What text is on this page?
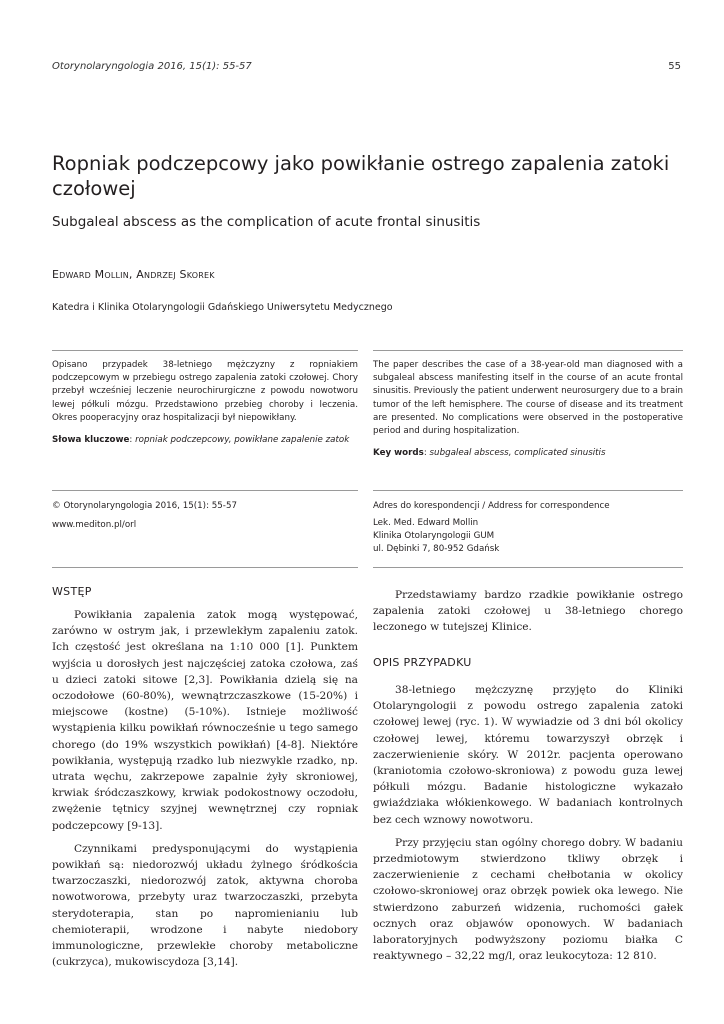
Otorynolaryngologia 2016, 15(1): 55-57	55
Ropniak podczepcowy jako powikłanie ostrego zapalenia zatoki czołowej
Subgaleal abscess as the complication of acute frontal sinusitis
Edward Mollin, Andrzej Skorek
Katedra i Klinika Otolaryngologii Gdańskiego Uniwersytetu Medycznego
Opisano przypadek 38-letniego mężczyzny z ropniakiem podczepcowym w przebiegu ostrego zapalenia zatoki czołowej. Chory przebył wcześniej leczenie neurochirurgiczne z powodu nowotworu lewej półkuli mózgu. Przedstawiono przebieg choroby i leczenia. Okres pooperacyjny oraz hospitalizacji był niepowikłany.
Słowa kluczowe: ropniak podczepcowy, powikłane zapalenie zatok
The paper describes the case of a 38-year-old man diagnosed with a subgaleal abscess manifesting itself in the course of an acute frontal sinusitis. Previously the patient underwent neurosurgery due to a brain tumor of the left hemisphere. The course of disease and its treatment are presented. No complications were observed in the postoperative period and during hospitalization.
Key words: subgaleal abscess, complicated sinusitis
© Otorynolaryngologia 2016, 15(1): 55-57
www.mediton.pl/orl
Adres do korespondencji / Address for correspondence
Lek. Med. Edward Mollin
Klinika Otolaryngologii GUM
ul. Dębinki 7, 80-952 Gdańsk
WSTĘP

Powikłania zapalenia zatok mogą występować, zarówno w ostrym jak, i przewlekłym zapaleniu zatok. Ich częstość jest określana na 1:10 000 [1]. Punktem wyjścia u dorosłych jest najczęściej zatoka czołowa, zaś u dzieci zatoki sitowe [2,3]. Powikłania dzielą się na oczodołowe (60-80%), wewnątrzczaszkowe (15-20%) i miejscowe (kostne) (5-10%). Istnieje możliwość wystąpienia kilku powikłań równocześnie u tego samego chorego (do 19% wszystkich powikłań) [4-8]. Niektóre powikłania, występują rzadko lub niezwykle rzadko, np. utrata węchu, zakrzepowe zapalnie żyły skroniowej, krwiak śródczaszkowy, krwiak podokostnowy oczodołu, zwężenie tętnicy szyjnej wewnętrznej czy ropniak podczepcowy [9-13].

Czynnikami predysponującymi do wystąpienia powikłań są: niedorozwój układu żylnego śródkościa twarzoczaszki, niedorozwój zatok, aktywna choroba nowotworowa, przebyty uraz twarzoczaszki, przebyta sterydoterapia, stan po napromienianiu lub chemioterapii, wrodzone i nabyte niedobory immunologiczne, przewlekłe choroby metaboliczne (cukrzyca), mukowiscydoza [3,14].

Przedstawiamy bardzo rzadkie powikłanie ostrego zapalenia zatoki czołowej u 38-letniego chorego leczonego w tutejszej Klinice.

OPIS PRZYPADKU

38-letniego mężczyznę przyjęto do Kliniki Otolaryngologii z powodu ostrego zapalenia zatoki czołowej lewej (ryc. 1). W wywiadzie od 3 dni ból okolicy czołowej lewej, któremu towarzyszył obrzęk i zaczerwienienie skóry. W 2012r. pacjenta operowano (kraniotomia czołowo-skroniowa) z powodu guza lewej półkuli mózgu. Badanie histologiczne wykazało gwiaździaka włókienkowego. W badaniach kontrolnych bez cech wznowy nowotworu.

Przy przyjęciu stan ogólny chorego dobry. W badaniu przedmiotowym stwierdzono tkliwy obrzęk i zaczerwienienie z cechami chełbotania w okolicy czołowo-skroniowej oraz obrzęk powiek oka lewego. Nie stwierdzono zaburzeń widzenia, ruchomości gałek ocznych oraz objawów oponowych. W badaniach laboratoryjnych podwyższony poziomu białka C reaktywnego – 32,22 mg/l, oraz leukocytoza: 12 810.
